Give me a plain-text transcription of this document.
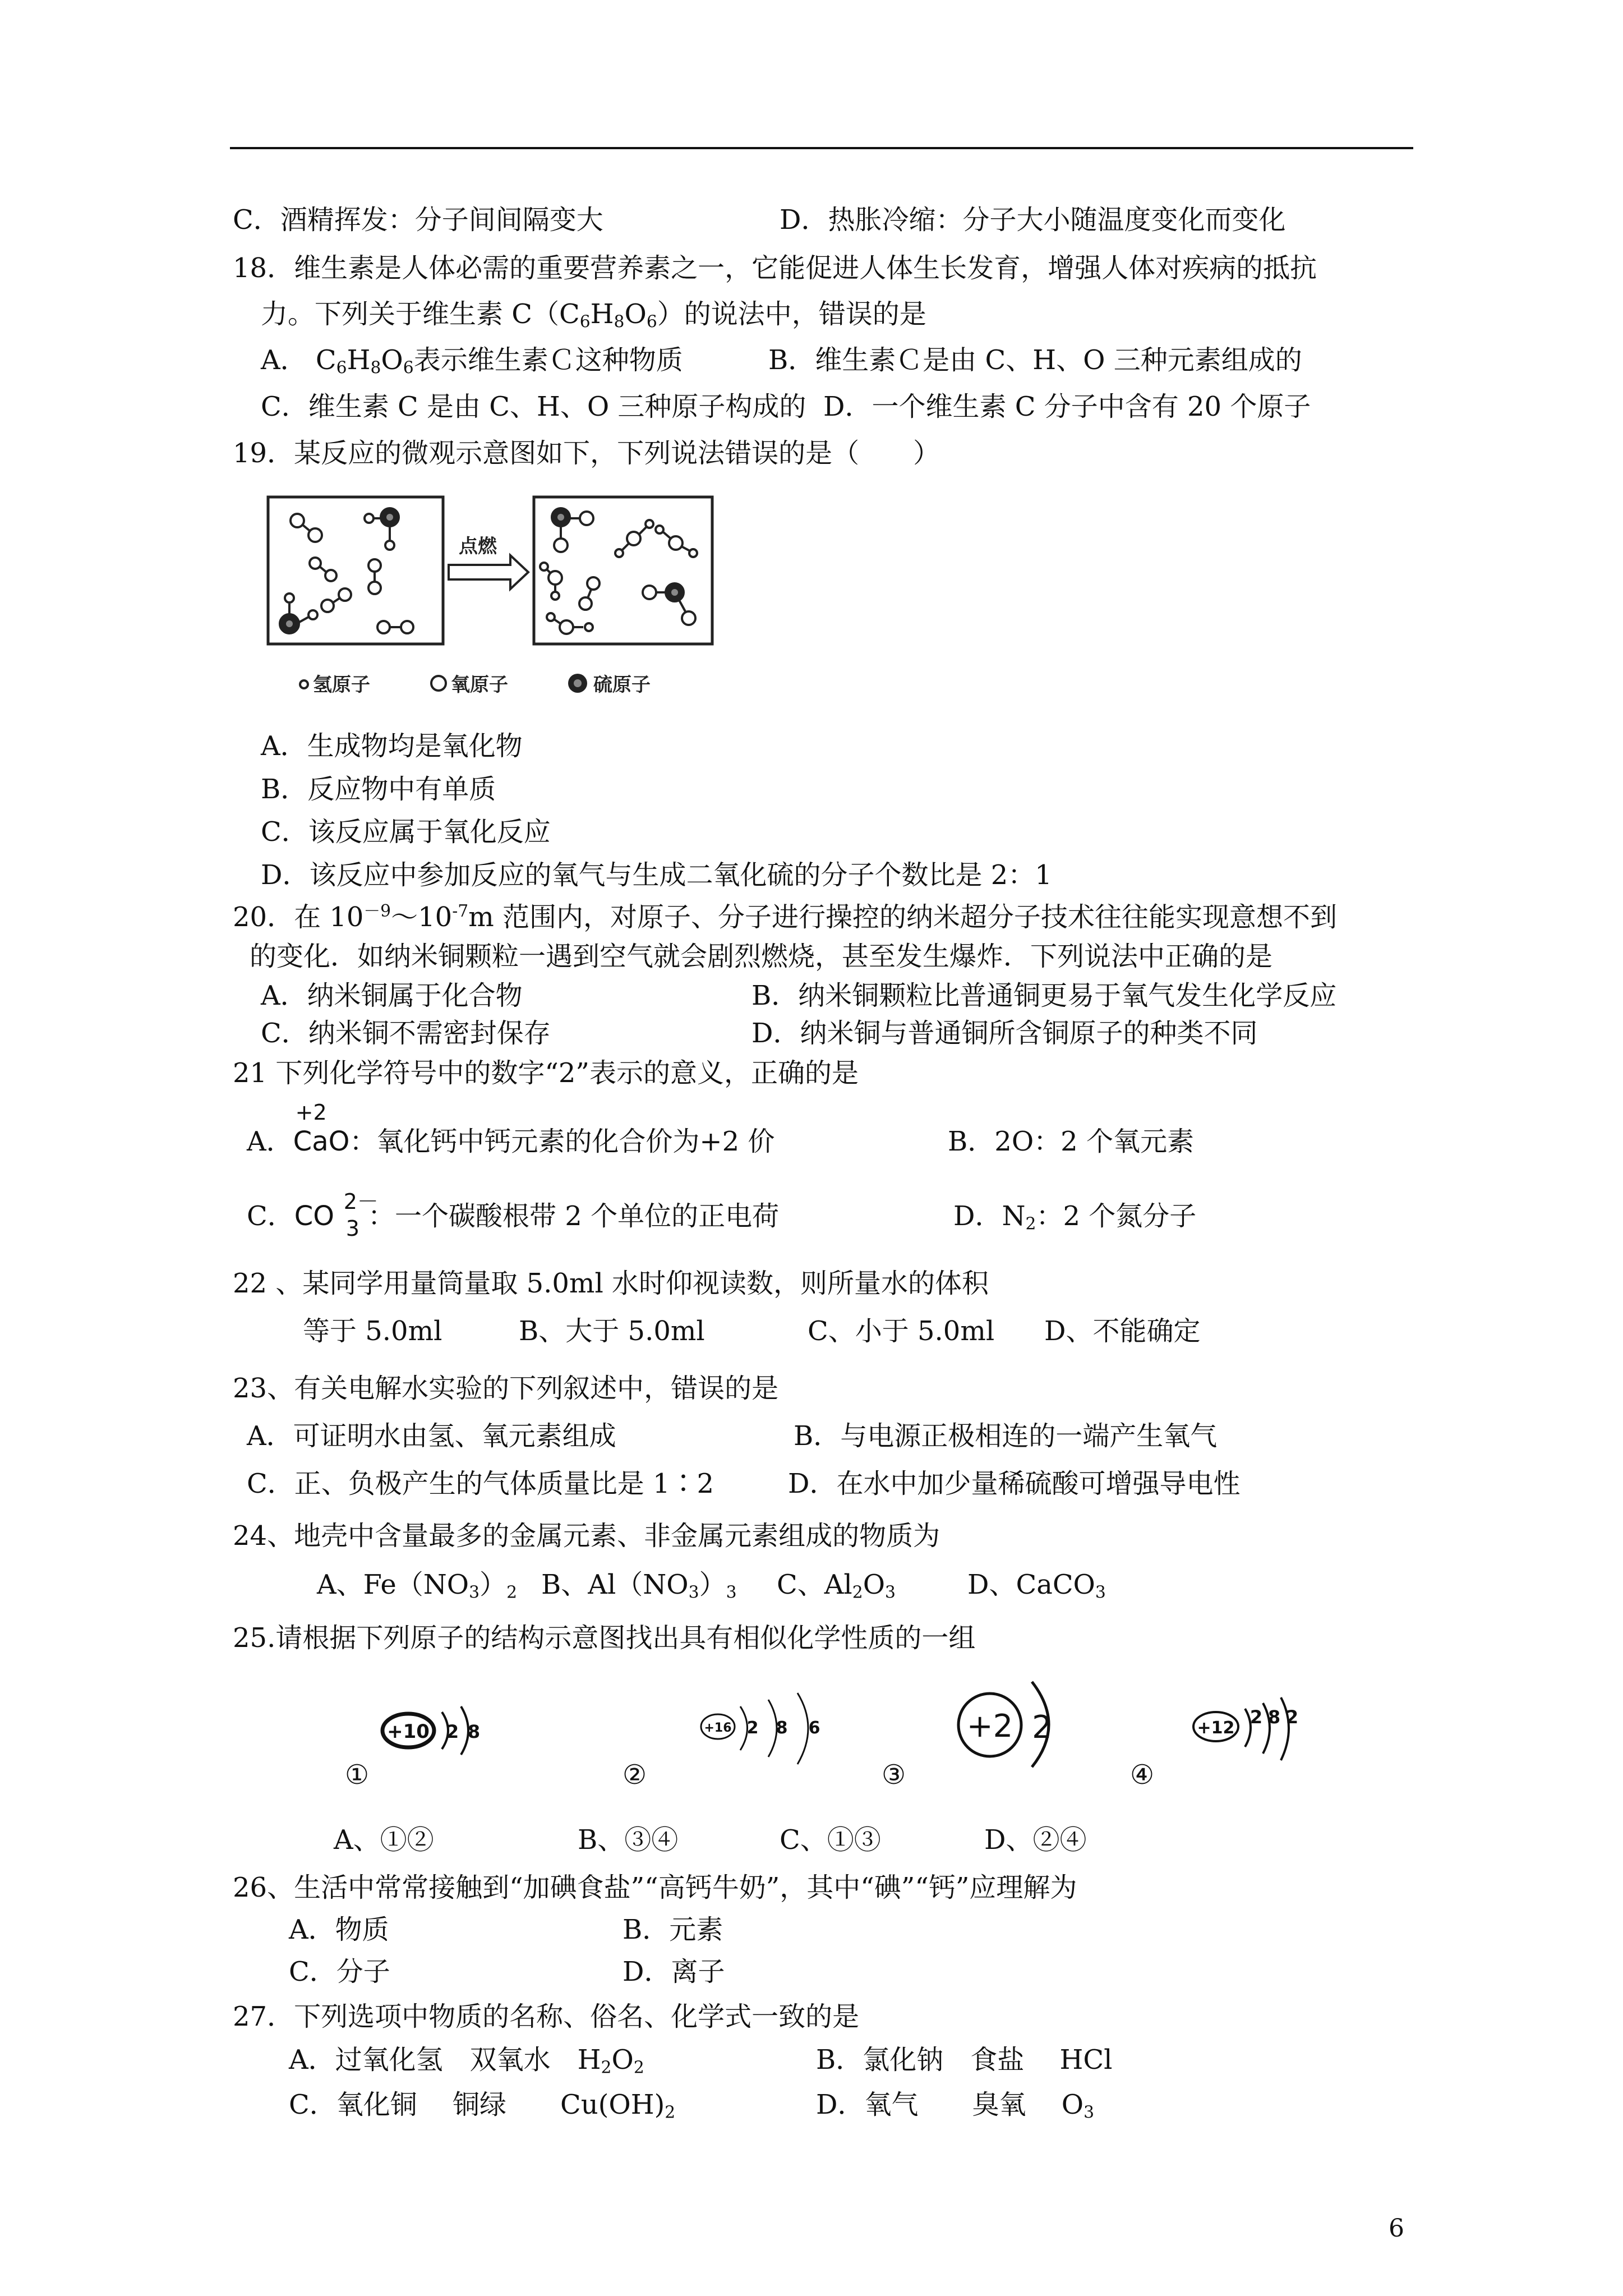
C．酒精挥发：分子间间隔变大	D．热胀冷缩：分子大小随温度变化而变化
18．维生素是人体必需的重要营养素之一，它能促进人体生长发育，增强人体对疾病的抵抗
力。下列关于维生素 $C(C_6H_8O_6)$的说法中，错误的是
A． $C_6H_8O_6$表示维生素Ｃ这种物质	B．维生素Ｃ是由 C、H、O 三种元素组成的
C．维生素 C 是由 C、H、O 三种原子构成的 D．一个维生素 C 分子中含有 20 个原子
19．某反应的微观示意图如下，下列说法错误的是（　　）
点燃
氢原子	氧原子	硫原子
A．生成物均是氧化物
B．反应物中有单质
C．该反应属于氧化反应
D．该反应中参加反应的氧气与生成二氧化硫的分子个数比是 2：1
20．在 $10^{-9}\sim 10^{-7}m$ 范围内，对原子、分子进行操控的纳米超分子技术往往能实现意想不到
的变化．如纳米铜颗粒一遇到空气就会剧烈燃烧，甚至发生爆炸．下列说法中正确的是
A．纳米铜属于化合物	B．纳米铜颗粒比普通铜更易于氧气发生化学反应
C．纳米铜不需密封保存	D．纳米铜与普通铜所含铜原子的种类不同
21 下列化学符号中的数字“2”表示的意义，正确的是
A．
+2
CaO：氧化钙中钙元素的化合价为+2 价	B．2O：2 个氧元素
C．CO 2－
3 ：一个碳酸根带 2 个单位的正电荷	D．$N_2$：2 个氮分子
22 、某同学用量筒量取 5.0ml 水时仰视读数，则所量水的体积
等于 5.0ml	B、大于 5.0ml	C、小于 5.0ml D、不能确定
23、有关电解水实验的下列叙述中，错误的是
A．可证明水由氢、氧元素组成	B．与电源正极相连的一端产生氧气
C．正、负极产生的气体质量比是 1∶2	D．在水中加少量稀硫酸可增强导电性
24、地壳中含量最多的金属元素、非金属元素组成的物质为
A、$Fe(NO_3)_2$ B、$Al(NO_3)_3$ C、$Al_2O_3$	D、CaCO$_3$
25.请根据下列原子的结构示意图找出具有相似化学性质的一组
+10 2 8	+16 2 8 6	+2 2	+12
2 8 2
①	②	③	④
A、①②	B、③④	C、①③	D、②④
26、生活中常常接触到“加碘食盐”“高钙牛奶”，其中“碘”“钙”应理解为
A．物质	B．元素
C．分子	D．离子
27．下列选项中物质的名称、俗名、化学式一致的是
A．过氧化氢　双氧水　$H_2O_2$	B．氯化钠　食盐　 HCl
C．氧化铜　 铜绿　　$Cu(OH)_2$	D．氧气　　臭氧　 $O_3$
6
